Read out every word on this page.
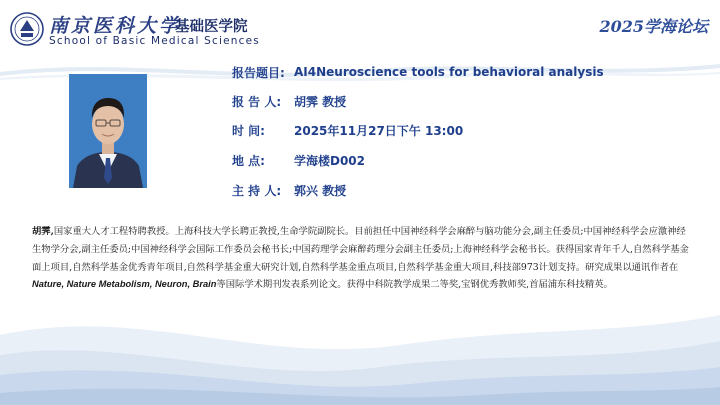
南京医科大学
基础医学院
School of Basic Medical Sciences
2025学海论坛
报告题目: AI4Neuroscience tools for behavioral analysis
报 告 人:	胡霁 教授
时 间:	2025年11月27日下午 13:00
地 点:	学海楼D002
主 持 人:	郭兴 教授
胡霁,国家重大人才工程特聘教授。上海科技大学长聘正教授,生命学院副院长。目前担任中国神经科学会麻醉与脑功能分会,副主任委员;中国神经科学会应激神经生物学分会,副主任委员;中国神经科学会国际工作委员会秘书长;中国药理学会麻醉药理分会副主任委员;上海神经科学会秘书长。获得国家青年千人,自然科学基金面上项目,自然科学基金优秀青年项目,自然科学基金重大研究计划,自然科学基金重点项目,自然科学基金重大项目,科技部973计划支持。研究成果以通讯作者在Nature, Nature Metabolism, Neuron, Brain等国际学术期刊发表系列论文。获得中科院教学成果二等奖,宝钢优秀教师奖,首届浦东科技精英。
